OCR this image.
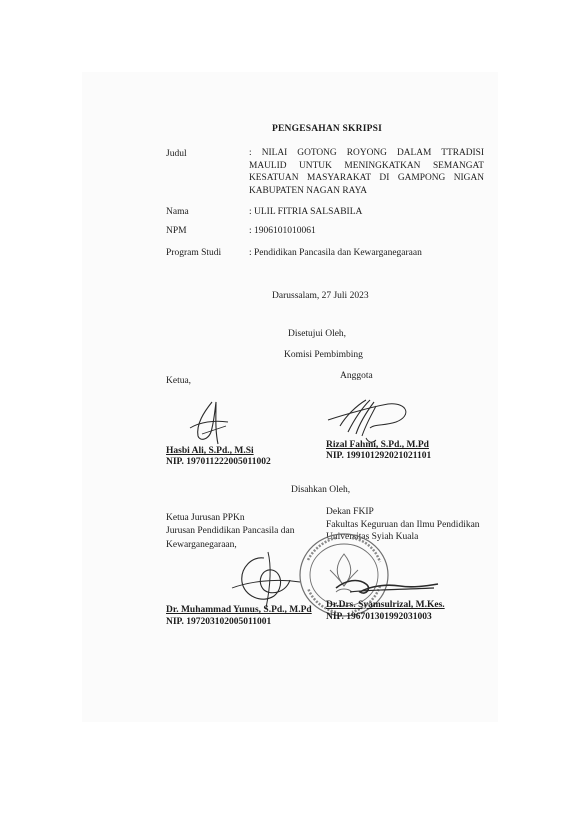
PENGESAHAN SKRIPSI
Judul	: NILAI GOTONG ROYONG DALAM TTRADISI MAULID UNTUK MENINGKATKAN SEMANGAT KESATUAN MASYARAKAT DI GAMPONG NIGAN KABUPATEN NAGAN RAYA
Nama	: ULIL FITRIA SALSABILA
NPM	: 1906101010061
Program Studi	: Pendidikan Pancasila dan Kewarganegaraan
Darussalam, 27 Juli 2023
Disetujui Oleh,
Komisi Pembimbing
Ketua,	Anggota
Hasbi Ali, S.Pd., M.Si
NIP. 197011222005011002
Rizal Fahmi, S.Pd., M.Pd
NIP. 199101292021021101
Disahkan Oleh,
Ketua Jurusan PPKn
Jurusan Pendidikan Pancasila dan
Kewarganegaraan,
Dekan FKIP
Fakultas Keguruan dan Ilmu Pendidikan
Universitas Syiah Kuala
Dr. Muhammad Yunus, S.Pd., M.Pd
NIP. 197203102005011001
Dr.Drs. Syamsulrizal, M.Kes.
NIP. 196701301992031003
